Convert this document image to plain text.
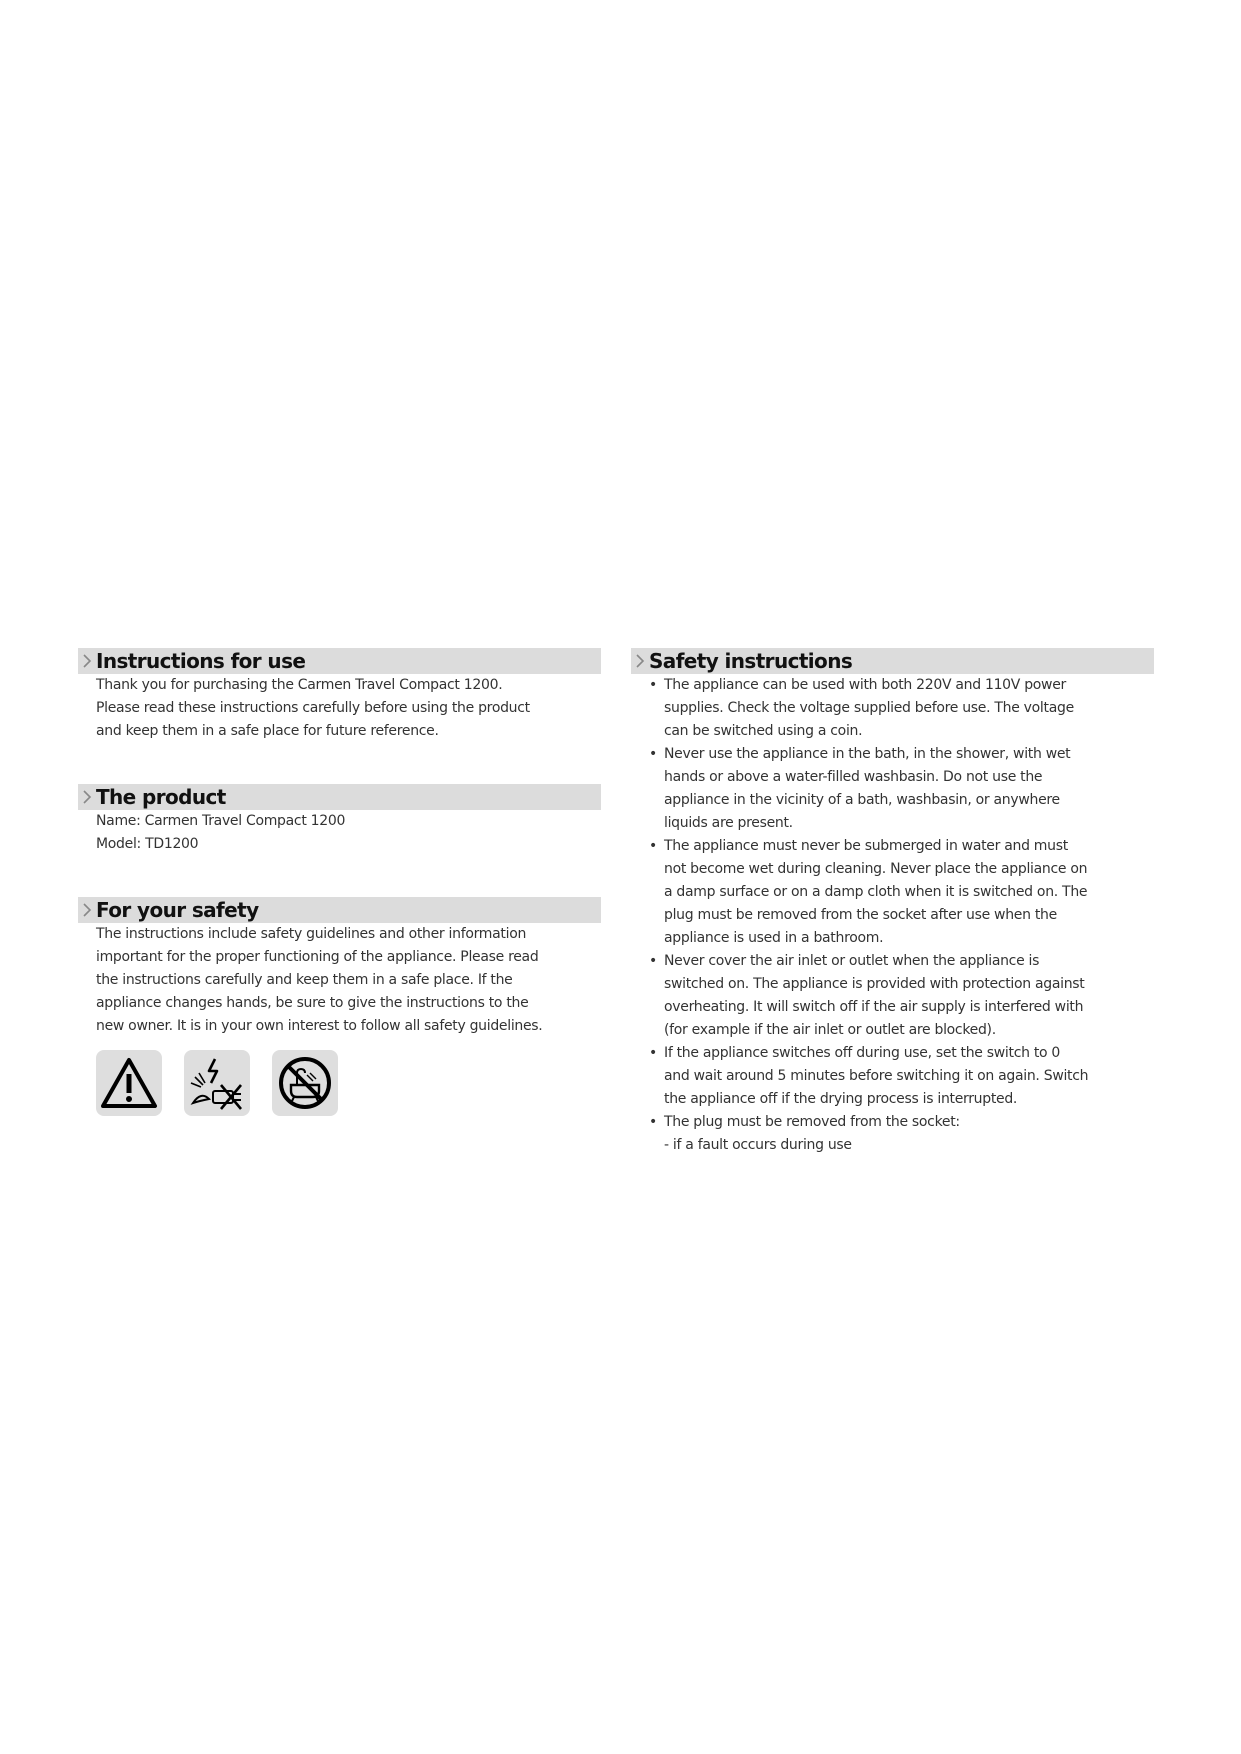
Instructions for use

Thank you for purchasing the Carmen Travel Compact 1200.

Please read these instructions carefully before using the product and keep them in a safe place for future reference.

The product

Name: Carmen Travel Compact 1200

Model: TD1200

For your safety

The instructions include safety guidelines and other information important for the proper functioning of the appliance. Please read the instructions carefully and keep them in a safe place. If the appliance changes hands, be sure to give the instructions to the new owner. It is in your own interest to follow all safety guidelines.

Safety instructions
• The appliance can be used with both 220V and 110V power supplies. Check the voltage supplied before use. The voltage can be switched using a coin.
• Never use the appliance in the bath, in the shower, with wet hands or above a water-filled washbasin. Do not use the appliance in the vicinity of a bath, washbasin, or anywhere liquids are present.
• The appliance must never be submerged in water and must not become wet during cleaning. Never place the appliance on a damp surface or on a damp cloth when it is switched on. The plug must be removed from the socket after use when the appliance is used in a bathroom.
• Never cover the air inlet or outlet when the appliance is switched on. The appliance is provided with protection against overheating. It will switch off if the air supply is interfered with (for example if the air inlet or outlet are blocked).
• If the appliance switches off during use, set the switch to 0 and wait around 5 minutes before switching it on again. Switch the appliance off if the drying process is interrupted.
• The plug must be removed from the socket:
- if a fault occurs during use
